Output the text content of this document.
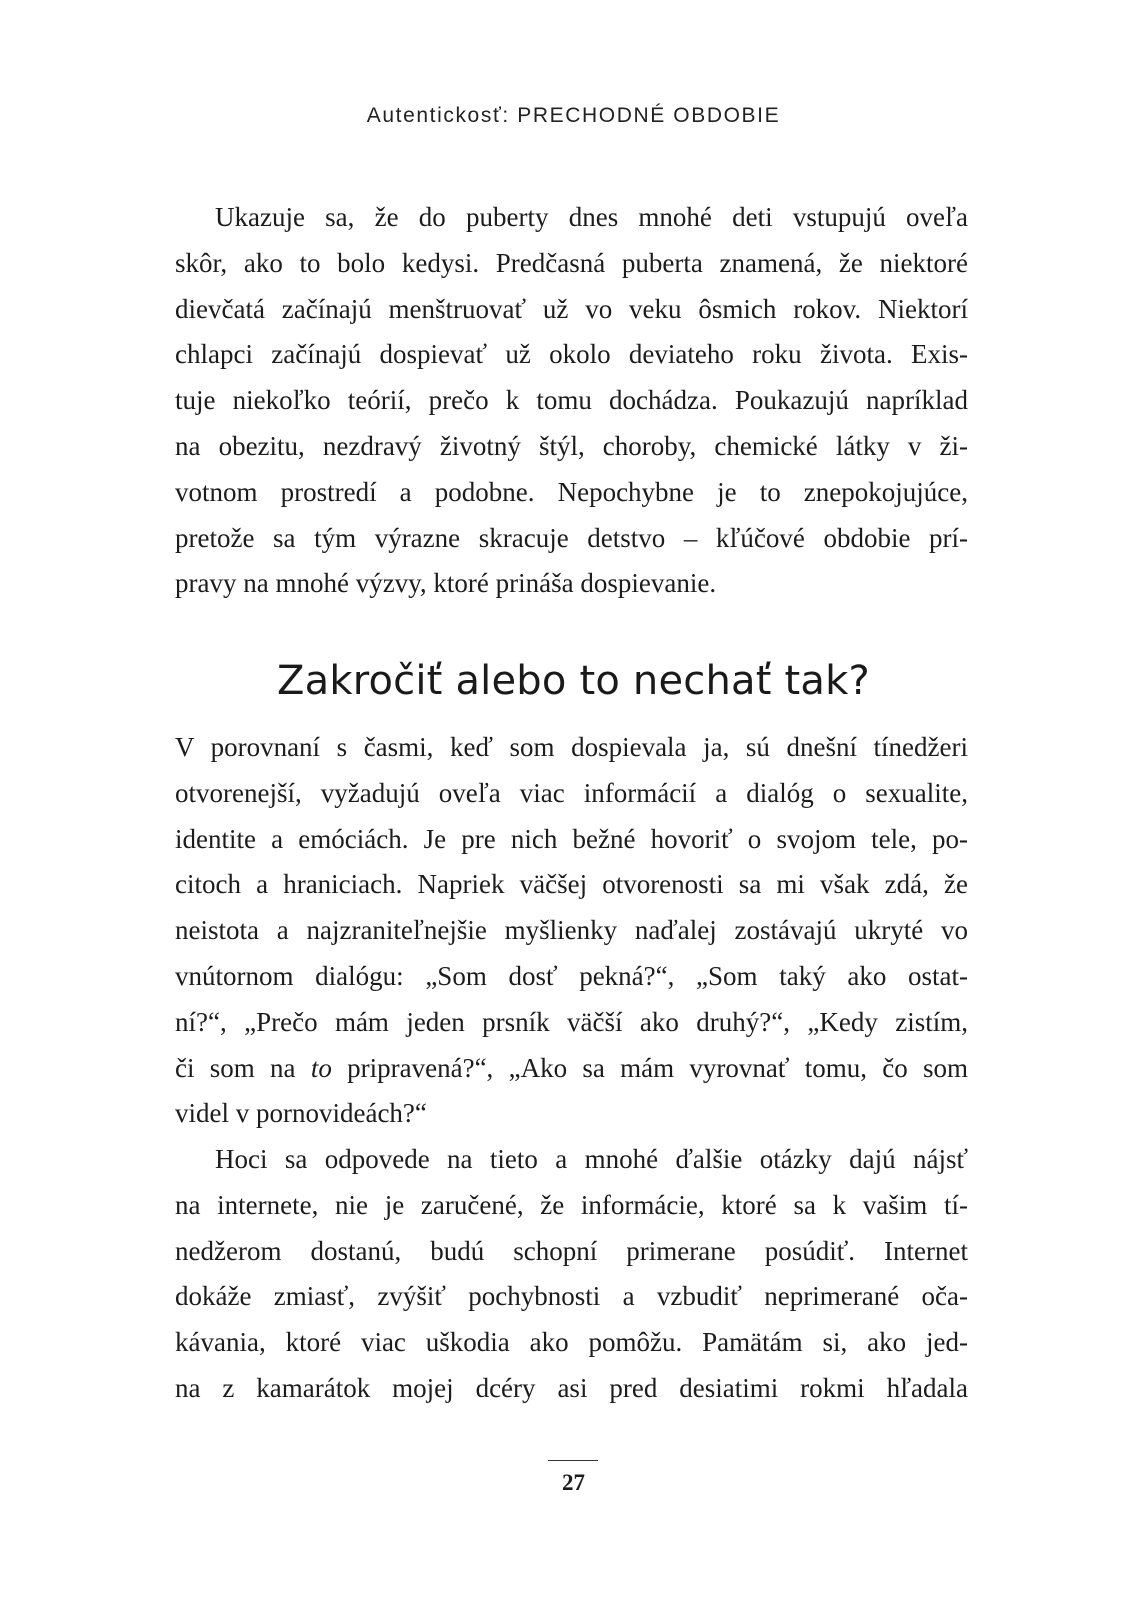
Autentickosť: PRECHODNÉ OBDOBIE
Ukazuje sa, že do puberty dnes mnohé deti vstupujú oveľa
skôr, ako to bolo kedysi. Predčasná puberta znamená, že niektoré
dievčatá začínajú menštruovať už vo veku ôsmich rokov. Niektorí
chlapci začínajú dospievať už okolo deviateho roku života. Exis-
tuje niekoľko teórií, prečo k tomu dochádza. Poukazujú napríklad
na obezitu, nezdravý životný štýl, choroby, chemické látky v ži-
votnom prostredí a podobne. Nepochybne je to znepokojujúce,
pretože sa tým výrazne skracuje detstvo – kľúčové obdobie prí-
pravy na mnohé výzvy, ktoré prináša dospievanie.
Zakročiť alebo to nechať tak?
V porovnaní s časmi, keď som dospievala ja, sú dnešní tínedžeri
otvorenejší, vyžadujú oveľa viac informácií a dialóg o sexualite,
identite a emóciách. Je pre nich bežné hovoriť o svojom tele, po-
citoch a hraniciach. Napriek väčšej otvorenosti sa mi však zdá, že
neistota a najzraniteľnejšie myšlienky naďalej zostávajú ukryté vo
vnútornom dialógu: „Som dosť pekná?“, „Som taký ako ostat-
ní?“, „Prečo mám jeden prsník väčší ako druhý?“, „Kedy zistím,
či som na to pripravená?“, „Ako sa mám vyrovnať tomu, čo som
videl v pornovideách?“
Hoci sa odpovede na tieto a mnohé ďalšie otázky dajú nájsť
na internete, nie je zaručené, že informácie, ktoré sa k vašim tí-
nedžerom dostanú, budú schopní primerane posúdiť. Internet
dokáže zmiasť, zvýšiť pochybnosti a vzbudiť neprimerané oča-
kávania, ktoré viac uškodia ako pomôžu. Pamätám si, ako jed-
na z kamarátok mojej dcéry asi pred desiatimi rokmi hľadala
27
